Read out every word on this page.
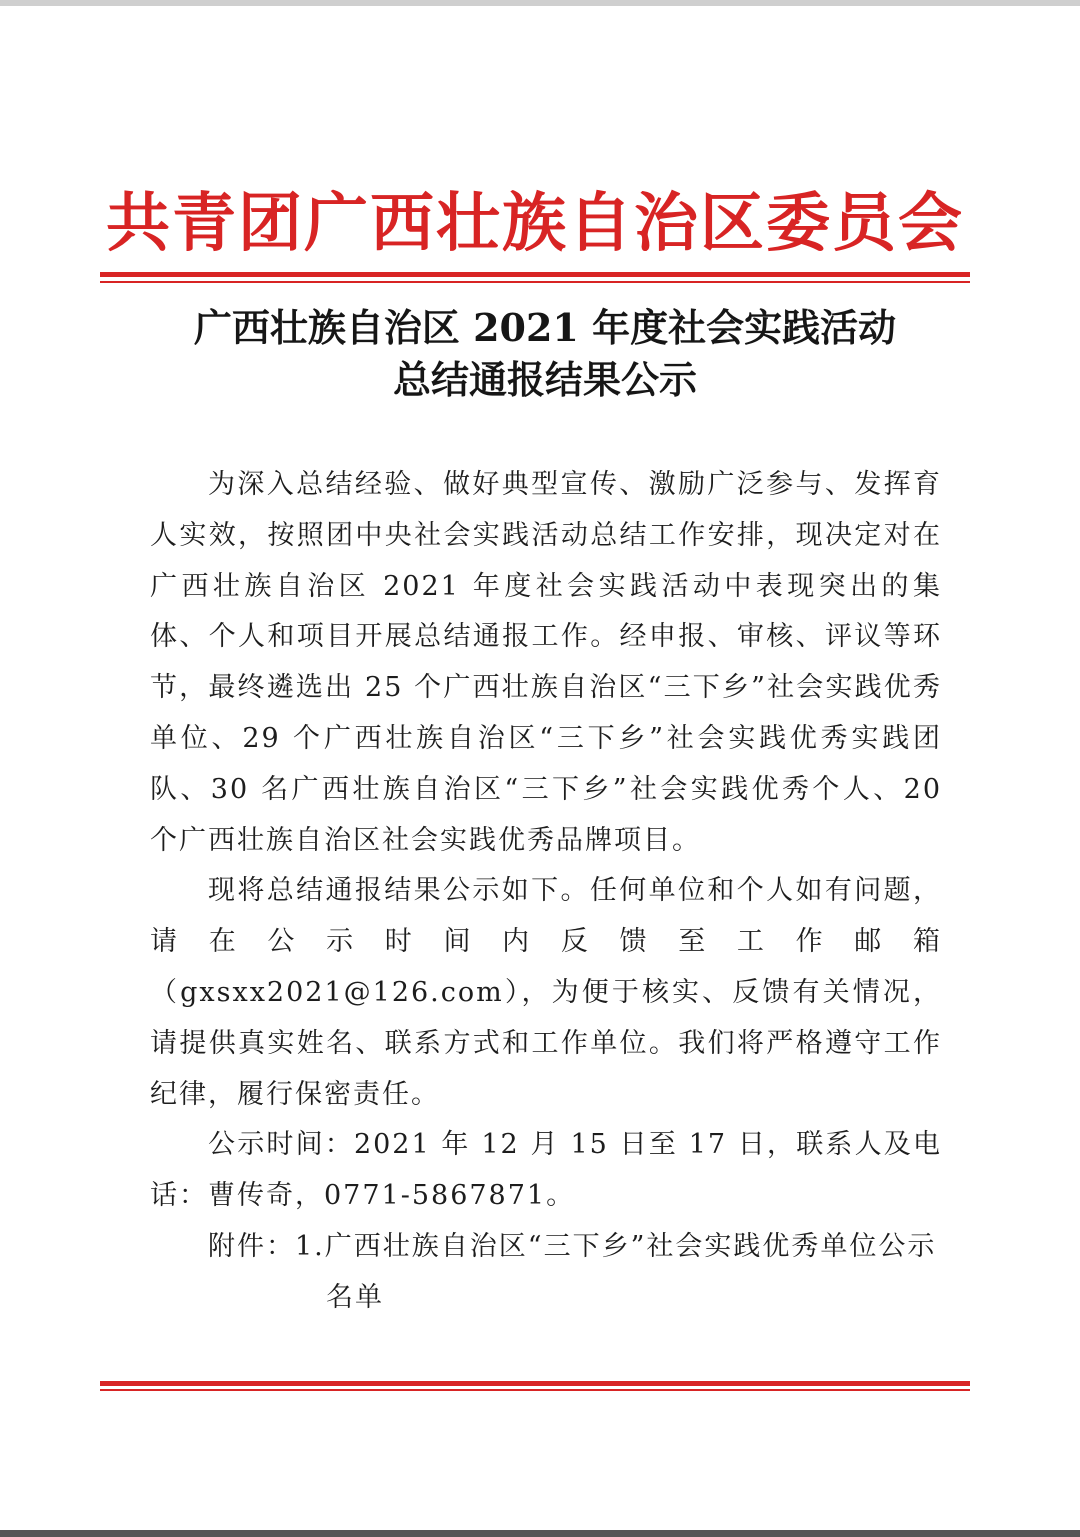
共青团广西壮族自治区委员会
广西壮族自治区 2021 年度社会实践活动
总结通报结果公示

为深入总结经验、做好典型宣传、激励广泛参与、发挥育人实效，按照团中央社会实践活动总结工作安排，现决定对在广西壮族自治区 2021 年度社会实践活动中表现突出的集体、个人和项目开展总结通报工作。经申报、审核、评议等环节，最终遴选出 25 个广西壮族自治区“三下乡”社会实践优秀单位、29 个广西壮族自治区“三下乡”社会实践优秀实践团队、30 名广西壮族自治区“三下乡”社会实践优秀个人、20 个广西壮族自治区社会实践优秀品牌项目。

现将总结通报结果公示如下。任何单位和个人如有问题，请在公示时间内反馈至工作邮箱（gxsxx2021@126.com），为便于核实、反馈有关情况，请提供真实姓名、联系方式和工作单位。我们将严格遵守工作纪律，履行保密责任。

公示时间：2021 年 12 月 15 日至 17 日，联系人及电话：曹传奇，0771-5867871。

附件：1.广西壮族自治区“三下乡”社会实践优秀单位公示
名单
